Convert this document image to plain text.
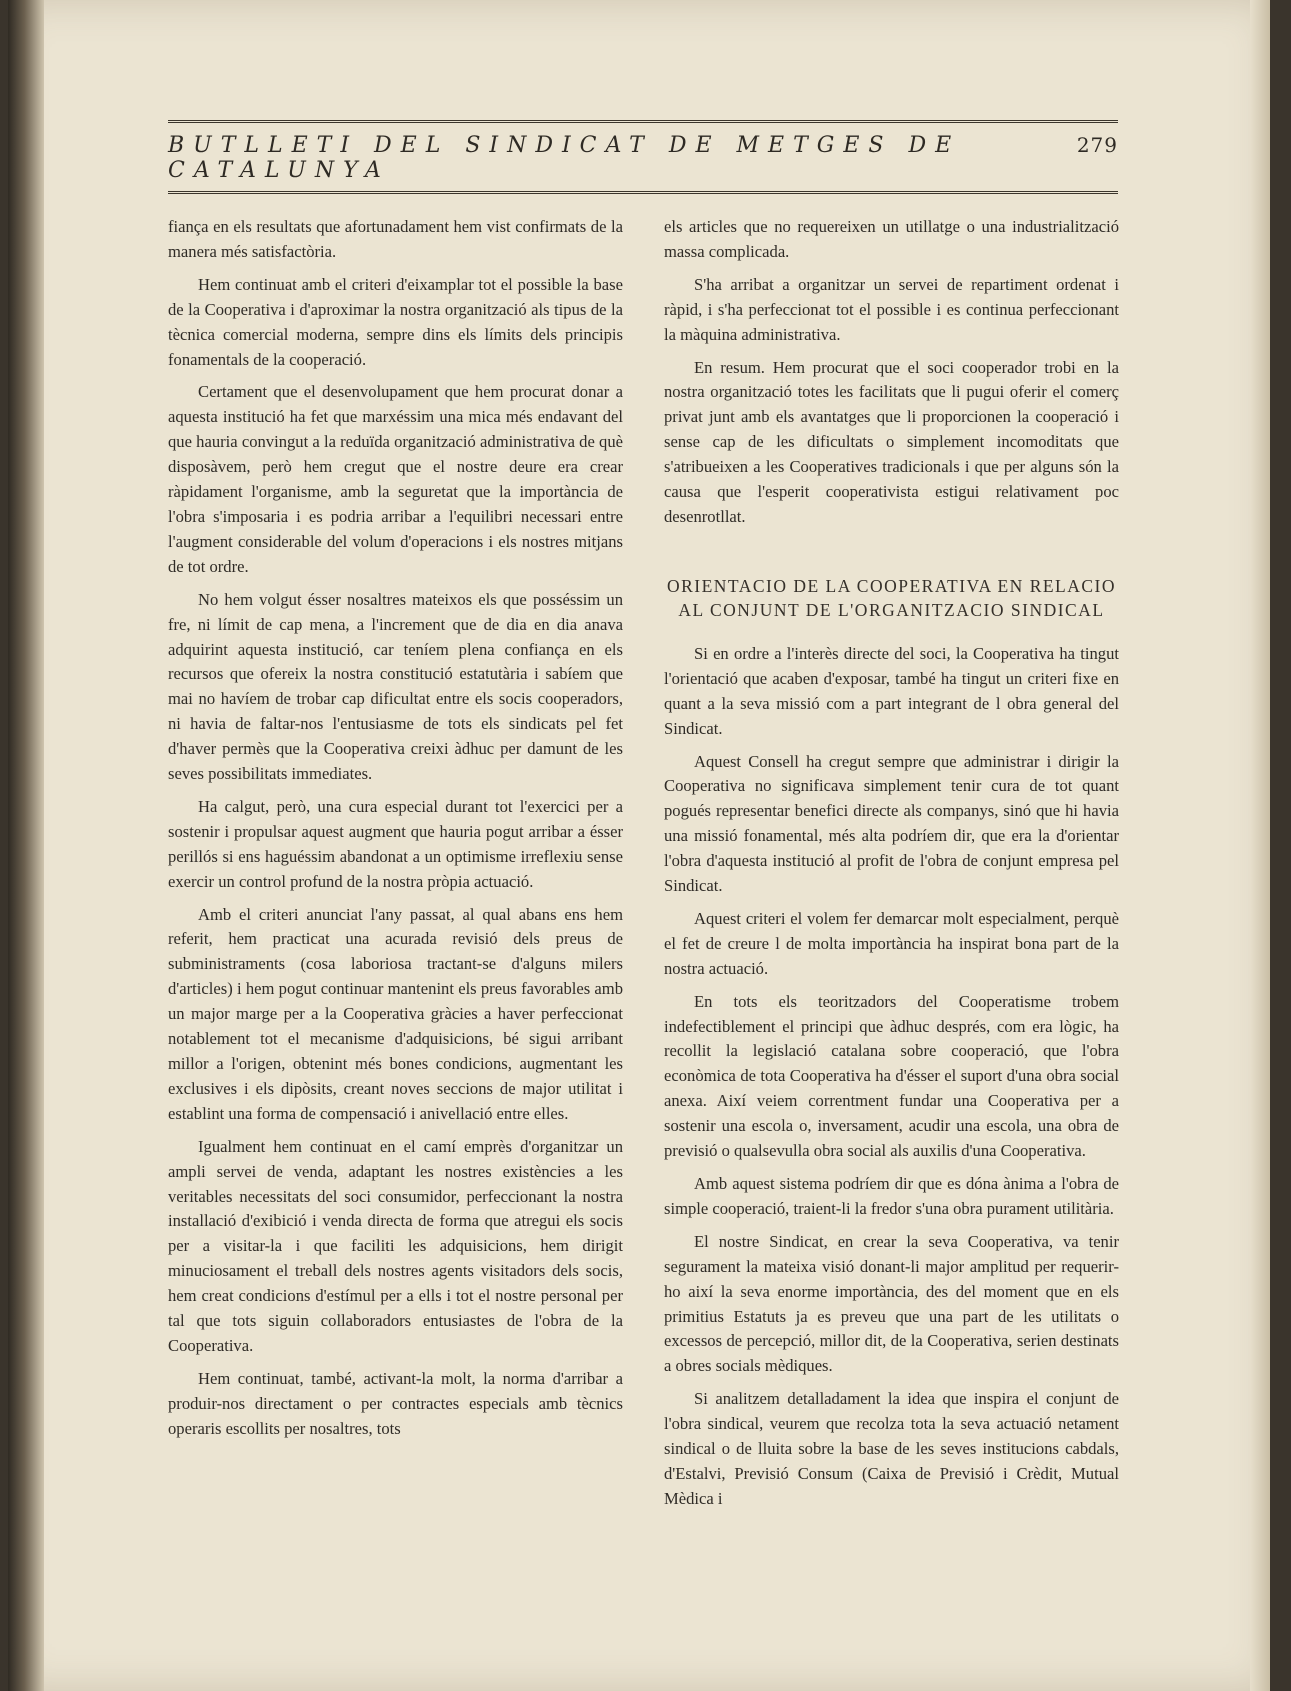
BUTLLETI DEL SINDICAT DE METGES DE CATALUNYA
279

fiança en els resultats que afortunadament hem vist confirmats de la manera més satisfactòria.

Hem continuat amb el criteri d'eixamplar tot el possible la base de la Cooperativa i d'aproximar la nostra organització als tipus de la tècnica comercial moderna, sempre dins els límits dels principis fonamentals de la cooperació.

Certament que el desenvolupament que hem procurat donar a aquesta institució ha fet que marxéssim una mica més endavant del que hauria convingut a la reduïda organització administrativa de què disposàvem, però hem cregut que el nostre deure era crear ràpidament l'organisme, amb la seguretat que la importància de l'obra s'imposaria i es podria arribar a l'equilibri necessari entre l'augment considerable del volum d'operacions i els nostres mitjans de tot ordre.

No hem volgut ésser nosaltres mateixos els que posséssim un fre, ni límit de cap mena, a l'increment que de dia en dia anava adquirint aquesta institució, car teníem plena confiança en els recursos que ofereix la nostra constitució estatutària i sabíem que mai no havíem de trobar cap dificultat entre els socis cooperadors, ni havia de faltar-nos l'entusiasme de tots els sindicats pel fet d'haver permès que la Cooperativa creixi àdhuc per damunt de les seves possibilitats immediates.

Ha calgut, però, una cura especial durant tot l'exercici per a sostenir i propulsar aquest augment que hauria pogut arribar a ésser perillós si ens haguéssim abandonat a un optimisme irreflexiu sense exercir un control profund de la nostra pròpia actuació.

Amb el criteri anunciat l'any passat, al qual abans ens hem referit, hem practicat una acurada revisió dels preus de subministraments (cosa laboriosa tractant-se d'alguns milers d'articles) i hem pogut continuar mantenint els preus favorables amb un major marge per a la Cooperativa gràcies a haver perfeccionat notablement tot el mecanisme d'adquisicions, bé sigui arribant millor a l'origen, obtenint més bones condicions, augmentant les exclusives i els dipòsits, creant noves seccions de major utilitat i establint una forma de compensació i anivellació entre elles.

Igualment hem continuat en el camí emprès d'organitzar un ampli servei de venda, adaptant les nostres existències a les veritables necessitats del soci consumidor, perfeccionant la nostra installació d'exibició i venda directa de forma que atregui els socis per a visitar-la i que faciliti les adquisicions, hem dirigit minuciosament el treball dels nostres agents visitadors dels socis, hem creat condicions d'estímul per a ells i tot el nostre personal per tal que tots siguin collaboradors entusiastes de l'obra de la Cooperativa.

Hem continuat, també, activant-la molt, la norma d'arribar a produir-nos directament o per contractes especials amb tècnics operaris escollits per nosaltres, tots

els articles que no requereixen un utillatge o una industrialització massa complicada.

S'ha arribat a organitzar un servei de repartiment ordenat i ràpid, i s'ha perfeccionat tot el possible i es continua perfeccionant la màquina administrativa.

En resum. Hem procurat que el soci cooperador trobi en la nostra organització totes les facilitats que li pugui oferir el comerç privat junt amb els avantatges que li proporcionen la cooperació i sense cap de les dificultats o simplement incomoditats que s'atribueixen a les Cooperatives tradicionals i que per alguns són la causa que l'esperit cooperativista estigui relativament poc desenrotllat.

ORIENTACIO DE LA COOPERATIVA EN RELACIO AL CONJUNT DE L'ORGANITZACIO SINDICAL

Si en ordre a l'interès directe del soci, la Cooperativa ha tingut l'orientació que acaben d'exposar, també ha tingut un criteri fixe en quant a la seva missió com a part integrant de l obra general del Sindicat.

Aquest Consell ha cregut sempre que administrar i dirigir la Cooperativa no significava simplement tenir cura de tot quant pogués representar benefici directe als companys, sinó que hi havia una missió fonamental, més alta podríem dir, que era la d'orientar l'obra d'aquesta institució al profit de l'obra de conjunt empresa pel Sindicat.

Aquest criteri el volem fer demarcar molt especialment, perquè el fet de creure l de molta importància ha inspirat bona part de la nostra actuació.

En tots els teoritzadors del Cooperatisme trobem indefectiblement el principi que àdhuc després, com era lògic, ha recollit la legislació catalana sobre cooperació, que l'obra econòmica de tota Cooperativa ha d'ésser el suport d'una obra social anexa. Així veiem correntment fundar una Cooperativa per a sostenir una escola o, inversament, acudir una escola, una obra de previsió o qualsevulla obra social als auxilis d'una Cooperativa.

Amb aquest sistema podríem dir que es dóna ànima a l'obra de simple cooperació, traient-li la fredor s'una obra purament utilitària.

El nostre Sindicat, en crear la seva Cooperativa, va tenir segurament la mateixa visió donant-li major amplitud per requerir-ho així la seva enorme importància, des del moment que en els primitius Estatuts ja es preveu que una part de les utilitats o excessos de percepció, millor dit, de la Cooperativa, serien destinats a obres socials mèdiques.

Si analitzem detalladament la idea que inspira el conjunt de l'obra sindical, veurem que recolza tota la seva actuació netament sindical o de lluita sobre la base de les seves institucions cabdals, d'Estalvi, Previsió Consum (Caixa de Previsió i Crèdit, Mutual Mèdica i
